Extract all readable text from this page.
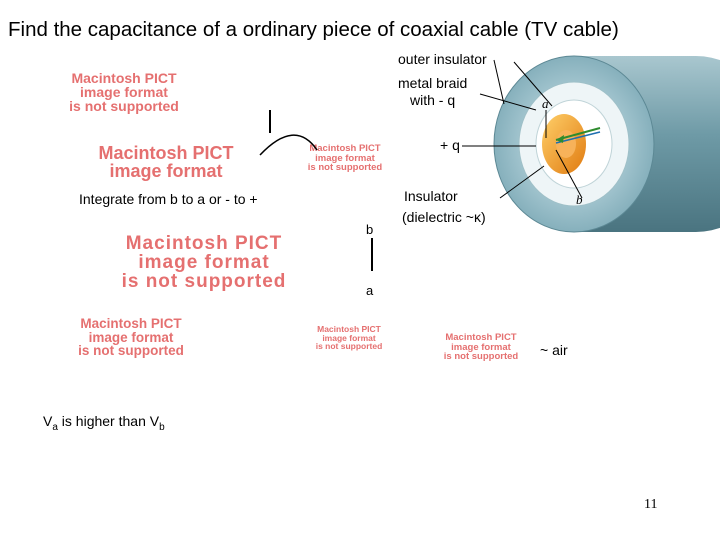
Find the capacitance of a ordinary piece of coaxial cable (TV cable)
Macintosh PICT
image format
is not supported
Macintosh PICT
image format
Macintosh PICT
image format
is not supported
Integrate from b to a or - to +
Macintosh PICT
image format
is not supported
b
a
Macintosh PICT
image format
is not supported
Macintosh PICT
image format
is not supported
Macintosh PICT
image format
is not supported	~ air
$V_a$ is higher than $V_b$
11
outer insulator
metal braid
with - q
+ q
Insulator
(dielectric ~κ)
a
b
